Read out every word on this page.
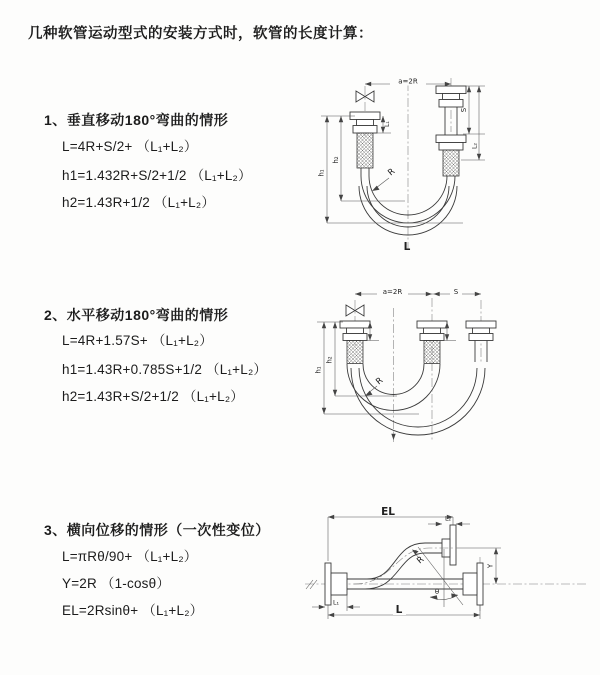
几种软管运动型式的安装方式时，软管的长度计算：
1、垂直移动180°弯曲的情形
L=4R+S/2+ （L₁+L₂）
h1=1.432R+S/2+1/2 （L₁+L₂）
h2=1.43R+1/2 （L₁+L₂）
2、水平移动180°弯曲的情形
L=4R+1.57S+ （L₁+L₂）
h1=1.43R+0.785S+1/2 （L₁+L₂）
h2=1.43R+S/2+1/2 （L₁+L₂）
3、横向位移的情形（一次性变位）
L=πRθ/90+ （L₁+L₂）
Y=2R （1-cosθ）
EL=2Rsinθ+ （L₁+L₂）
a=2R
h₁
h₂
L₁
S
L₂
R
L
a=2R	S
h₁
h₂
R
EL
L₂
Y
θ
R
L
L₁
